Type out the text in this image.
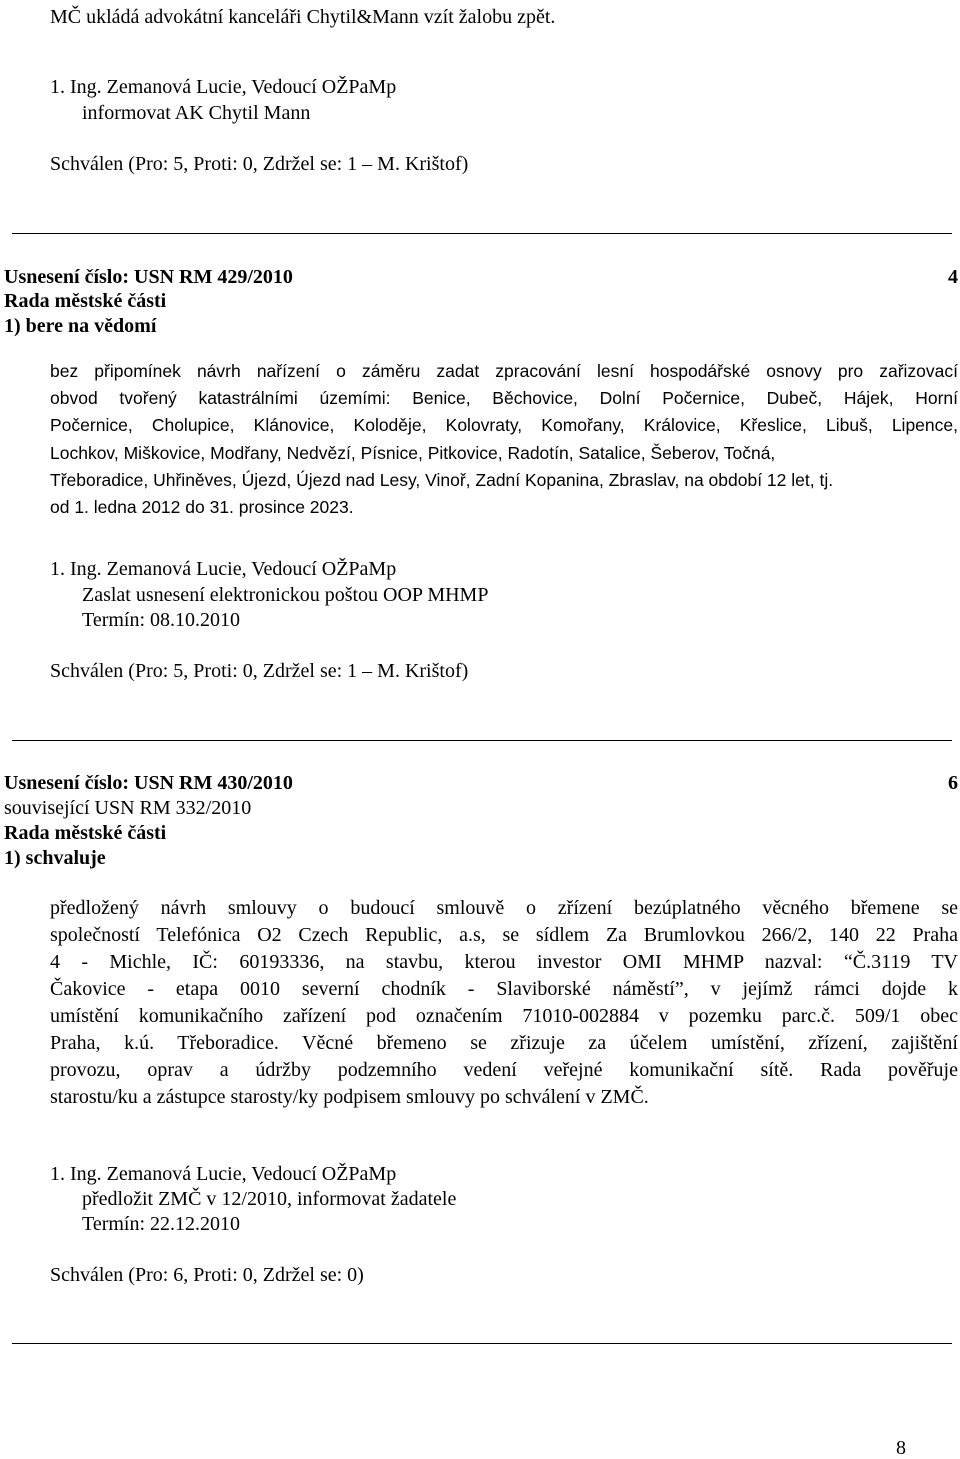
MČ ukládá advokátní kanceláři Chytil&Mann vzít žalobu zpět.
1. Ing. Zemanová Lucie, Vedoucí OŽPaMp
informovat AK Chytil Mann
Schválen (Pro: 5, Proti: 0, Zdržel se: 1 – M. Krištof)
Usnesení číslo: USN RM 429/2010	4
Rada městské části
1) bere na vědomí
bez připomínek návrh nařízení o záměru zadat zpracování lesní hospodářské osnovy pro zařizovací
obvod tvořený katastrálními územími: Benice, Běchovice, Dolní Počernice, Dubeč, Hájek, Horní
Počernice, Cholupice, Klánovice, Koloděje, Kolovraty, Komořany, Královice, Křeslice, Libuš, Lipence,
Lochkov, Miškovice, Modřany, Nedvězí, Písnice, Pitkovice, Radotín, Satalice, Šeberov, Točná,
Třeboradice, Uhřiněves, Újezd, Újezd nad Lesy, Vinoř, Zadní Kopanina, Zbraslav, na období 12 let, tj.
od 1. ledna 2012 do 31. prosince 2023.
1. Ing. Zemanová Lucie, Vedoucí OŽPaMp
Zaslat usnesení elektronickou poštou OOP MHMP
Termín: 08.10.2010
Schválen (Pro: 5, Proti: 0, Zdržel se: 1 – M. Krištof)
Usnesení číslo: USN RM 430/2010	6
související USN RM 332/2010
Rada městské části
1) schvaluje
předložený návrh smlouvy o budoucí smlouvě o zřízení bezúplatného věcného břemene se
společností Telefónica O2 Czech Republic, a.s, se sídlem Za Brumlovkou 266/2, 140 22 Praha
4 - Michle, IČ: 60193336, na stavbu, kterou investor OMI MHMP nazval: “Č.3119 TV
Čakovice - etapa 0010 severní chodník - Slaviborské náměstí”, v jejímž rámci dojde k
umístění komunikačního zařízení pod označením 71010-002884 v pozemku parc.č. 509/1 obec
Praha, k.ú. Třeboradice. Věcné břemeno se zřizuje za účelem umístění, zřízení, zajištění
provozu, oprav a údržby podzemního vedení veřejné komunikační sítě. Rada pověřuje
starostu/ku a zástupce starosty/ky podpisem smlouvy po schválení v ZMČ.
1. Ing. Zemanová Lucie, Vedoucí OŽPaMp
předložit ZMČ v 12/2010, informovat žadatele
Termín: 22.12.2010
Schválen (Pro: 6, Proti: 0, Zdržel se: 0)
8
